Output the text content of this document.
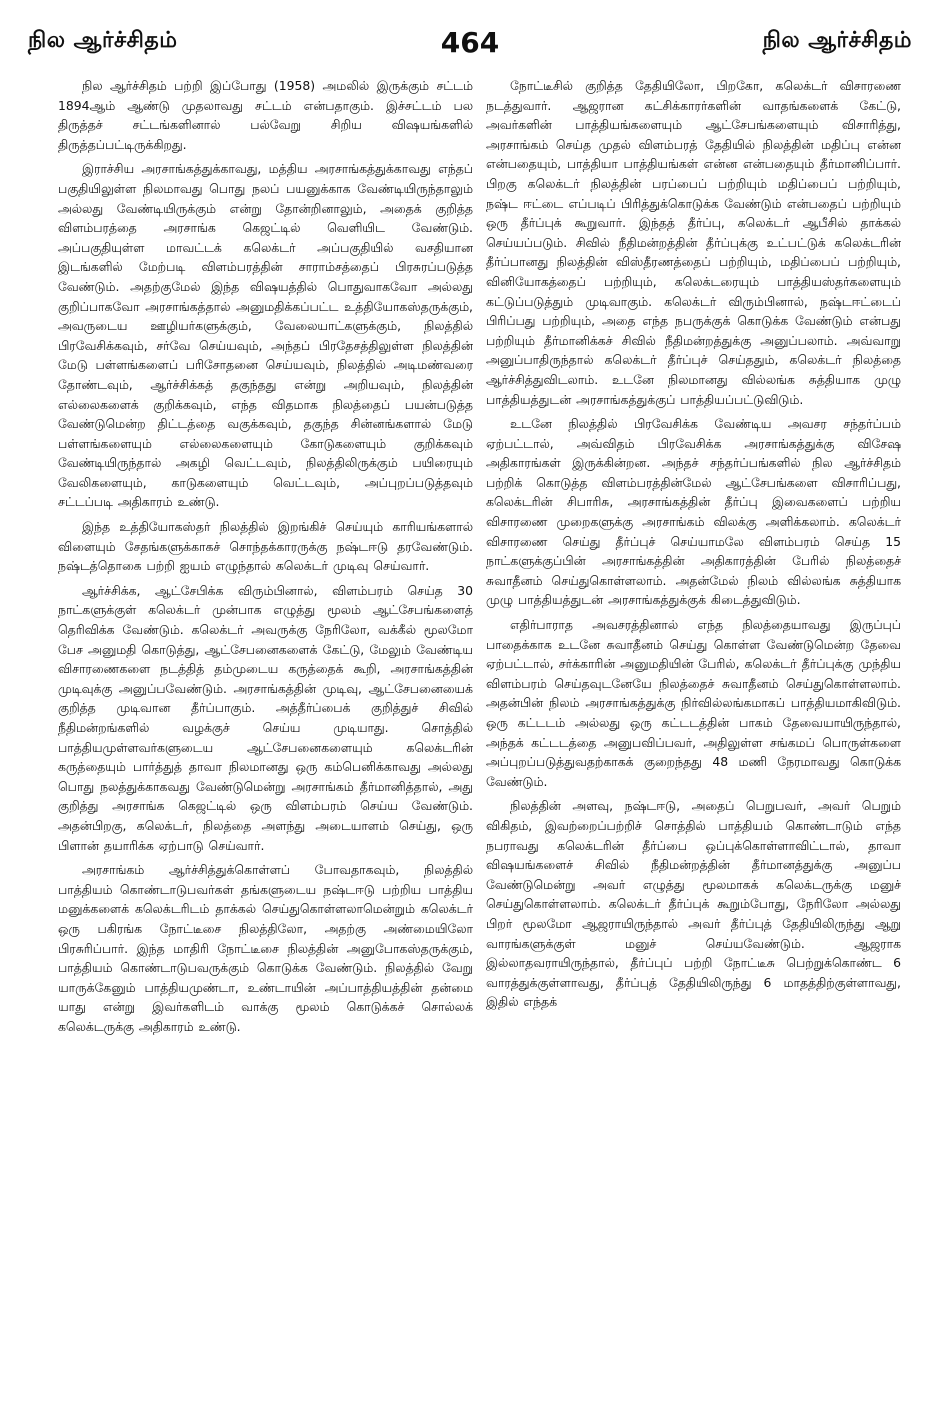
நில ஆர்ச்சிதம்	464	நில ஆர்ச்சிதம்

நில ஆர்ச்சிதம் பற்றி இப்போது (1958) அமலில் இருக்கும் சட்டம் 1894ஆம் ஆண்டு முதலாவது சட்டம் என்பதாகும். இச்சட்டம் பல திருத்தச் சட்டங்களினால் பல்வேறு சிறிய விஷயங்களில் திருத்தப்பட்டிருக்கிறது.

இராச்சிய அரசாங்கத்துக்காவது, மத்திய அரசாங்கத்துக்காவது எந்தப் பகுதியிலுள்ள நிலமாவது பொது நலப் பயனுக்காக வேண்டியிருந்தாலும் அல்லது வேண்டியிருக்கும் என்று தோன்றினாலும், அதைக் குறித்த விளம்பரத்தை அரசாங்க கெஜட்டில் வெளியிட வேண்டும். அப்பகுதியுள்ள மாவட்டக் கலெக்டர் அப்பகுதியில் வசதியான இடங்களில் மேற்படி விளம்பரத்தின் சாராம்சத்தைப் பிரசுரப்படுத்த வேண்டும். அதற்குமேல் இந்த விஷயத்தில் பொதுவாகவோ அல்லது குறிப்பாகவோ அரசாங்கத்தால் அனுமதிக்கப்பட்ட உத்தியோகஸ்தருக்கும், அவருடைய ஊழியர்களுக்கும், வேலையாட்களுக்கும், நிலத்தில் பிரவேசிக்கவும், சர்வே செய்யவும், அந்தப் பிரதேசத்திலுள்ள நிலத்தின் மேடு பள்ளங்களைப் பரிசோதனை செய்யவும், நிலத்தில் அடிமண்வரை தோண்டவும், ஆர்ச்சிக்கத் தகுந்தது என்று அறியவும், நிலத்தின் எல்லைகளைக் குறிக்கவும், எந்த விதமாக நிலத்தைப் பயன்படுத்த வேண்டுமென்ற திட்டத்தை வகுக்கவும், தகுந்த சின்னங்களால் மேடு பள்ளங்களையும் எல்லைகளையும் கோடுகளையும் குறிக்கவும் வேண்டியிருந்தால் அகழி வெட்டவும், நிலத்திலிருக்கும் பயிரையும் வேலிகளையும், காடுகளையும் வெட்டவும், அப்புறப்படுத்தவும் சட்டப்படி அதிகாரம் உண்டு.

இந்த உத்தியோகஸ்தர் நிலத்தில் இறங்கிச் செய்யும் காரியங்களால் விளையும் சேதங்களுக்காகச் சொந்தக்காரருக்கு நஷ்டஈடு தரவேண்டும். நஷ்டத்தொகை பற்றி ஐயம் எழுந்தால் கலெக்டர் முடிவு செய்வார்.

ஆர்ச்சிக்க, ஆட்சேபிக்க விரும்பினால், விளம்பரம் செய்த 30 நாட்களுக்குள் கலெக்டர் முன்பாக எழுத்து மூலம் ஆட்சேபங்களைத் தெரிவிக்க வேண்டும். கலெக்டர் அவருக்கு நேரிலோ, வக்கீல் மூலமோ பேச அனுமதி கொடுத்து, ஆட்சேபனைகளைக் கேட்டு, மேலும் வேண்டிய விசாரணைகளை நடத்தித் தம்முடைய கருத்தைக் கூறி, அரசாங்கத்தின் முடிவுக்கு அனுப்பவேண்டும். அரசாங்கத்தின் முடிவு, ஆட்சேபனையைக் குறித்த முடிவான தீர்ப்பாகும். அத்தீர்ப்பைக் குறித்துச் சிவில் நீதிமன்றங்களில் வழக்குச் செய்ய முடியாது. சொத்தில் பாத்தியமுள்ளவர்களுடைய ஆட்சேபனைகளையும் கலெக்டரின் கருத்தையும் பார்த்துத் தாவா நிலமானது ஒரு கம்பெனிக்காவது அல்லது பொது நலத்துக்காகவது வேண்டுமென்று அரசாங்கம் தீர்மானித்தால், அது குறித்து அரசாங்க கெஜட்டில் ஒரு விளம்பரம் செய்ய வேண்டும். அதன்பிறகு, கலெக்டர், நிலத்தை அளந்து அடையாளம் செய்து, ஒரு பிளான் தயாரிக்க ஏற்பாடு செய்வார்.

அரசாங்கம் ஆர்ச்சித்துக்கொள்ளப் போவதாகவும், நிலத்தில் பாத்தியம் கொண்டாடுபவர்கள் தங்களுடைய நஷ்டஈடு பற்றிய பாத்திய மனுக்களைக் கலெக்டரிடம் தாக்கல் செய்துகொள்ளலாமென்றும் கலெக்டர் ஒரு பகிரங்க நோட்டீசை நிலத்திலோ, அதற்கு அண்மையிலோ பிரசுரிப்பார். இந்த மாதிரி நோட்டீசை நிலத்தின் அனுபோகஸ்தருக்கும், பாத்தியம் கொண்டாடுபவருக்கும் கொடுக்க வேண்டும். நிலத்தில் வேறு யாருக்கேனும் பாத்தியமுண்டா, உண்டாயின் அப்பாத்தியத்தின் தன்மை யாது என்று இவர்களிடம் வாக்கு மூலம் கொடுக்கச் சொல்லக் கலெக்டருக்கு அதிகாரம் உண்டு.

நோட்டீசில் குறித்த தேதியிலோ, பிறகோ, கலெக்டர் விசாரணை நடத்துவார். ஆஜரான கட்சிக்காரர்களின் வாதங்களைக் கேட்டு, அவர்களின் பாத்தியங்களையும் ஆட்சேபங்களையும் விசாரித்து, அரசாங்கம் செய்த முதல் விளம்பரத் தேதியில் நிலத்தின் மதிப்பு என்ன என்பதையும், பாத்தியா பாத்தியங்கள் என்ன என்பதையும் தீர்மானிப்பார். பிறகு கலெக்டர் நிலத்தின் பரப்பைப் பற்றியும் மதிப்பைப் பற்றியும், நஷ்ட ஈட்டை எப்படிப் பிரித்துக்கொடுக்க வேண்டும் என்பதைப் பற்றியும் ஒரு தீர்ப்புக் கூறுவார். இந்தத் தீர்ப்பு, கலெக்டர் ஆபீசில் தாக்கல் செய்யப்படும். சிவில் நீதிமன்றத்தின் தீர்ப்புக்கு உட்பட்டுக் கலெக்டரின் தீர்ப்பானது நிலத்தின் விஸ்தீரணத்தைப் பற்றியும், மதிப்பைப் பற்றியும், வினியோகத்தைப் பற்றியும், கலெக்டரையும் பாத்தியஸ்தர்களையும் கட்டுப்படுத்தும் முடிவாகும். கலெக்டர் விரும்பினால், நஷ்டஈட்டைப் பிரிப்பது பற்றியும், அதை எந்த நபருக்குக் கொடுக்க வேண்டும் என்பது பற்றியும் தீர்மானிக்கச் சிவில் நீதிமன்றத்துக்கு அனுப்பலாம். அவ்வாறு அனுப்பாதிருந்தால் கலெக்டர் தீர்ப்புச் செய்ததும், கலெக்டர் நிலத்தை ஆர்ச்சித்துவிடலாம். உடனே நிலமானது வில்லங்க சுத்தியாக முழு பாத்தியத்துடன் அரசாங்கத்துக்குப் பாத்தியப்பட்டுவிடும்.

உடனே நிலத்தில் பிரவேசிக்க வேண்டிய அவசர சந்தர்ப்பம் ஏற்பட்டால், அவ்விதம் பிரவேசிக்க அரசாங்கத்துக்கு விசேஷ அதிகாரங்கள் இருக்கின்றன. அந்தச் சந்தர்ப்பங்களில் நில ஆர்ச்சிதம் பற்றிக் கொடுத்த விளம்பரத்தின்மேல் ஆட்சேபங்களை விசாரிப்பது, கலெக்டரின் சிபாரிசு, அரசாங்கத்தின் தீர்ப்பு இவைகளைப் பற்றிய விசாரணை முறைகளுக்கு அரசாங்கம் விலக்கு அளிக்கலாம். கலெக்டர் விசாரணை செய்து தீர்ப்புச் செய்யாமலே விளம்பரம் செய்த 15 நாட்களுக்குப்பின் அரசாங்கத்தின் அதிகாரத்தின் பேரில் நிலத்தைச் சுவாதீனம் செய்துகொள்ளலாம். அதன்மேல் நிலம் வில்லங்க சுத்தியாக முழு பாத்தியத்துடன் அரசாங்கத்துக்குக் கிடைத்துவிடும்.

எதிர்பாராத அவசரத்தினால் எந்த நிலத்தையாவது இருப்புப் பாதைக்காக உடனே சுவாதீனம் செய்து கொள்ள வேண்டுமென்ற தேவை ஏற்பட்டால், சர்க்காரின் அனுமதியின் பேரில், கலெக்டர் தீர்ப்புக்கு முந்திய விளம்பரம் செய்தவுடனேயே நிலத்தைச் சுவாதீனம் செய்துகொள்ளலாம். அதன்பின் நிலம் அரசாங்கத்துக்கு நிர்வில்லங்கமாகப் பாத்தியமாகிவிடும். ஒரு கட்டடம் அல்லது ஒரு கட்டடத்தின் பாகம் தேவையாயிருந்தால், அந்தக் கட்டடத்தை அனுபவிப்பவர், அதிலுள்ள சங்கமப் பொருள்களை அப்புறப்படுத்துவதற்காகக் குறைந்தது 48 மணி நேரமாவது கொடுக்க வேண்டும்.

நிலத்தின் அளவு, நஷ்டஈடு, அதைப் பெறுபவர், அவர் பெறும் விகிதம், இவற்றைப்பற்றிச் சொத்தில் பாத்தியம் கொண்டாடும் எந்த நபராவது கலெக்டரின் தீர்ப்பை ஒப்புக்கொள்ளாவிட்டால், தாவா விஷயங்களைச் சிவில் நீதிமன்றத்தின் தீர்மானத்துக்கு அனுப்ப வேண்டுமென்று அவர் எழுத்து மூலமாகக் கலெக்டருக்கு மனுச் செய்துகொள்ளலாம். கலெக்டர் தீர்ப்புக் கூறும்போது, நேரிலோ அல்லது பிறர் மூலமோ ஆஜராயிருந்தால் அவர் தீர்ப்புத் தேதியிலிருந்து ஆறு வாரங்களுக்குள் மனுச் செய்யவேண்டும். ஆஜராக இல்லாதவராயிருந்தால், தீர்ப்புப் பற்றி நோட்டீசு பெற்றுக்கொண்ட 6 வாரத்துக்குள்ளாவது, தீர்ப்புத் தேதியிலிருந்து 6 மாதத்திற்குள்ளாவது, இதில் எந்தக்
